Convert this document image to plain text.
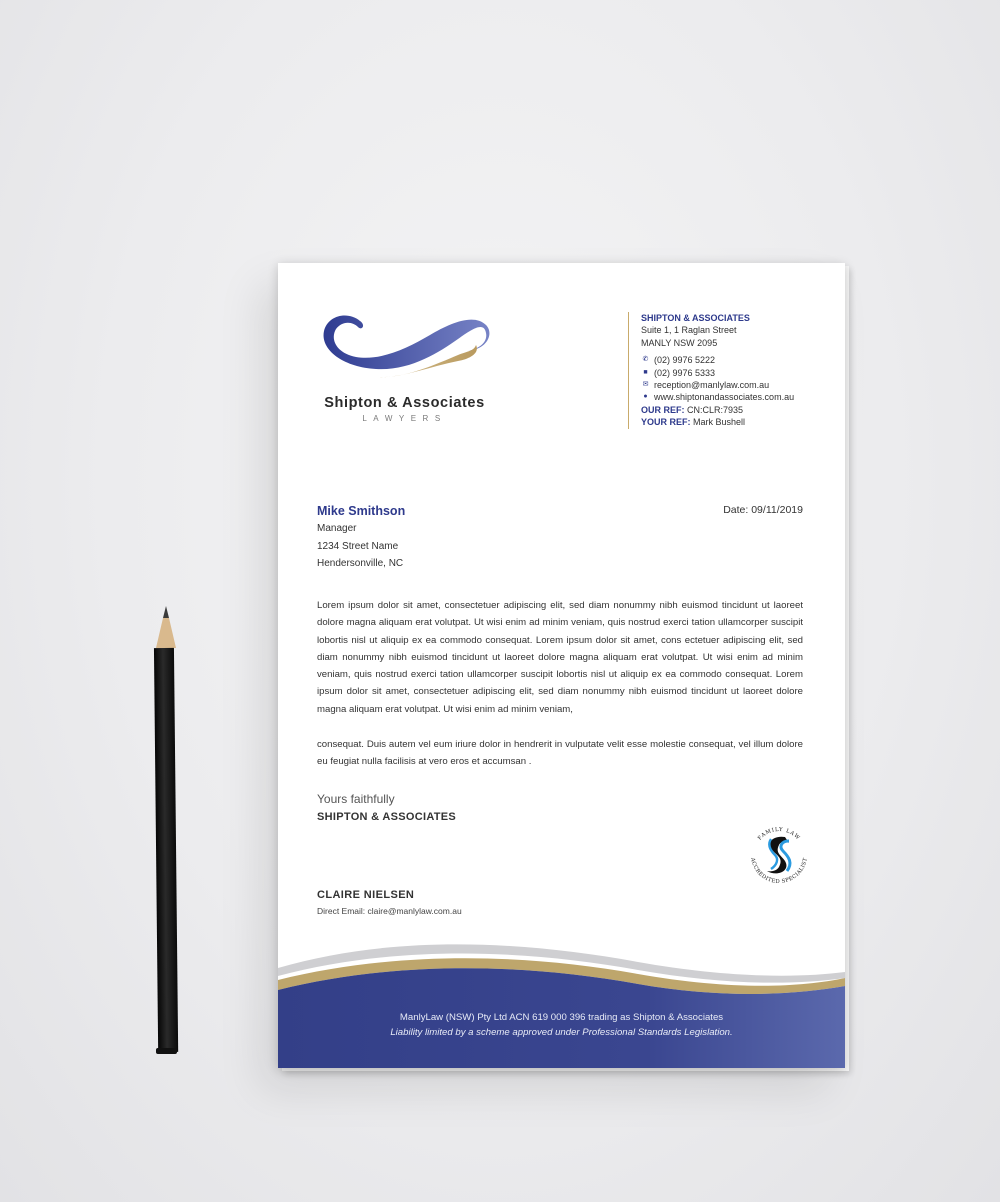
Shipton & Associates
LAWYERS
SHIPTON & ASSOCIATES
Suite 1, 1 Raglan Street
MANLY NSW 2095
✆ (02) 9976 5222
■ (02) 9976 5333
✉ reception@manlylaw.com.au
● www.shiptonandassociates.com.au
OUR REF: CN:CLR:7935
YOUR REF: Mark Bushell
Mike Smithson
Manager
1234 Street Name
Hendersonville, NC
Date: 09/11/2019

Lorem ipsum dolor sit amet, consectetuer adipiscing elit, sed diam nonummy nibh euismod tincidunt ut laoreet dolore magna aliquam erat volutpat. Ut wisi enim ad minim veniam, quis nostrud exerci tation ullamcorper suscipit lobortis nisl ut aliquip ex ea commodo consequat. Lorem ipsum dolor sit amet, cons ectetuer adipiscing elit, sed diam nonummy nibh euismod tincidunt ut laoreet dolore magna aliquam erat volutpat. Ut wisi enim ad minim veniam, quis nostrud exerci tation ullamcorper suscipit lobortis nisl ut aliquip ex ea commodo consequat. Lorem ipsum dolor sit amet, consectetuer adipiscing elit, sed diam nonummy nibh euismod tincidunt ut laoreet dolore magna aliquam erat volutpat. Ut wisi enim ad minim veniam,

consequat. Duis autem vel eum iriure dolor in hendrerit in vulputate velit esse molestie consequat, vel illum dolore eu feugiat nulla facilisis at vero eros et accumsan .

Yours faithfully
SHIPTON & ASSOCIATES
CLAIRE NIELSEN
Direct Email: claire@manlylaw.com.au
FAMILY LAW
ACCREDITED SPECIALIST
ManlyLaw (NSW) Pty Ltd ACN 619 000 396 trading as Shipton & Associates
Liability limited by a scheme approved under Professional Standards Legislation.
